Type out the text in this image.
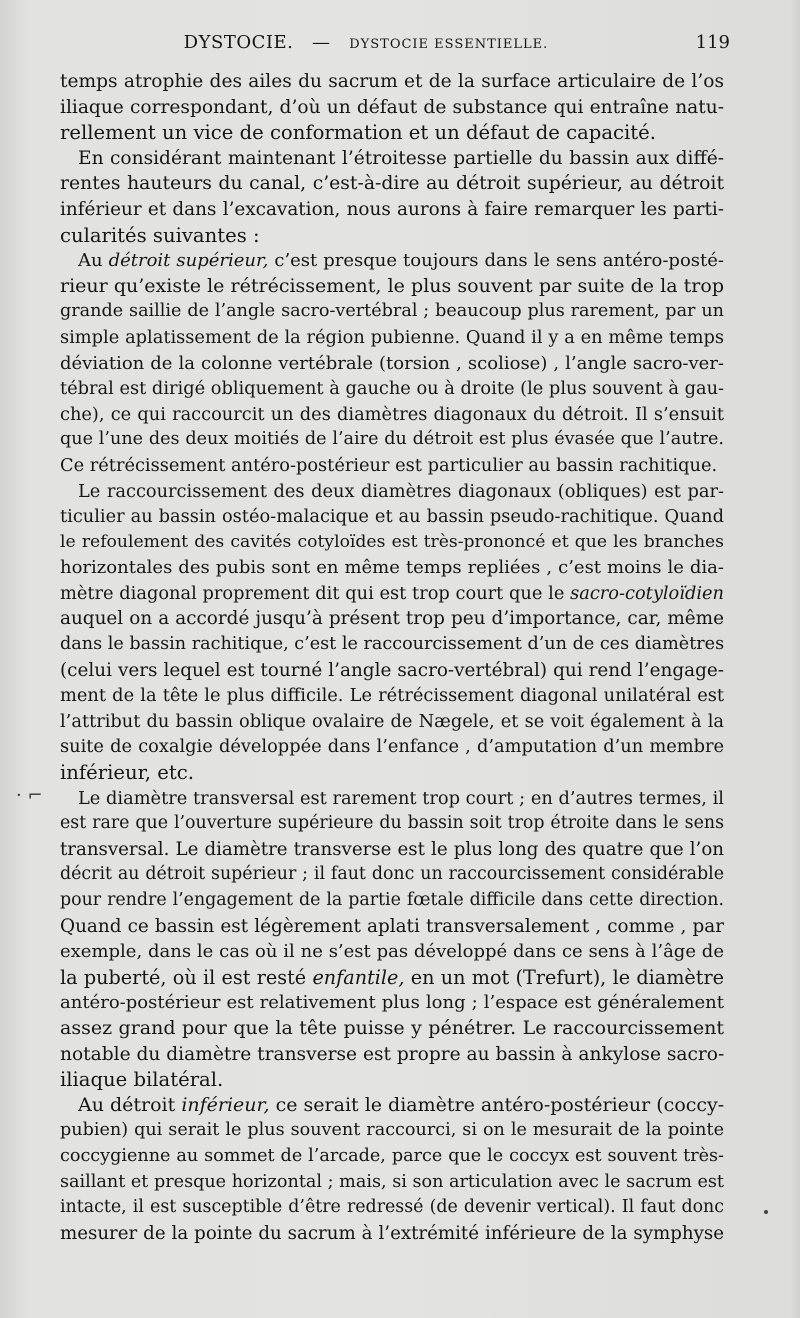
DYSTOCIE. — DYSTOCIE ESSENTIELLE.	119
· ⌐

temps atrophie des ailes du sacrum et de la surface articulaire de l’os
iliaque correspondant, d’où un défaut de substance qui entraîne natu-
rellement un vice de conformation et un défaut de capacité.

En considérant maintenant l’étroitesse partielle du bassin aux diffé-
rentes hauteurs du canal, c’est-à-dire au détroit supérieur, au détroit
inférieur et dans l’excavation, nous aurons à faire remarquer les parti-
cularités suivantes :

Au détroit supérieur, c’est presque toujours dans le sens antéro-posté-
rieur qu’existe le rétrécissement, le plus souvent par suite de la trop
grande saillie de l’angle sacro-vertébral ; beaucoup plus rarement, par un
simple aplatissement de la région pubienne. Quand il y a en même temps
déviation de la colonne vertébrale (torsion , scoliose) , l’angle sacro-ver-
tébral est dirigé obliquement à gauche ou à droite (le plus souvent à gau-
che), ce qui raccourcit un des diamètres diagonaux du détroit. Il s’ensuit
que l’une des deux moitiés de l’aire du détroit est plus évasée que l’autre.
Ce rétrécissement antéro-postérieur est particulier au bassin rachitique.

Le raccourcissement des deux diamètres diagonaux (obliques) est par-
ticulier au bassin ostéo-malacique et au bassin pseudo-rachitique. Quand
le refoulement des cavités cotyloïdes est très-prononcé et que les branches
horizontales des pubis sont en même temps repliées , c’est moins le dia-
mètre diagonal proprement dit qui est trop court que le sacro-cotyloïdien
auquel on a accordé jusqu’à présent trop peu d’importance, car, même
dans le bassin rachitique, c’est le raccourcissement d’un de ces diamètres
(celui vers lequel est tourné l’angle sacro-vertébral) qui rend l’engage-
ment de la tête le plus difficile. Le rétrécissement diagonal unilatéral est
l’attribut du bassin oblique ovalaire de Nægele, et se voit également à la
suite de coxalgie développée dans l’enfance , d’amputation d’un membre
inférieur, etc.

Le diamètre transversal est rarement trop court ; en d’autres termes, il
est rare que l’ouverture supérieure du bassin soit trop étroite dans le sens
transversal. Le diamètre transverse est le plus long des quatre que l’on
décrit au détroit supérieur ; il faut donc un raccourcissement considérable
pour rendre l’engagement de la partie fœtale difficile dans cette direction.
Quand ce bassin est légèrement aplati transversalement , comme , par
exemple, dans le cas où il ne s’est pas développé dans ce sens à l’âge de
la puberté, où il est resté enfantile, en un mot (Trefurt), le diamètre
antéro-postérieur est relativement plus long ; l’espace est généralement
assez grand pour que la tête puisse y pénétrer. Le raccourcissement
notable du diamètre transverse est propre au bassin à ankylose sacro-
iliaque bilatéral.

Au détroit inférieur, ce serait le diamètre antéro-postérieur (coccy-
pubien) qui serait le plus souvent raccourci, si on le mesurait de la pointe
coccygienne au sommet de l’arcade, parce que le coccyx est souvent très-
saillant et presque horizontal ; mais, si son articulation avec le sacrum est
intacte, il est susceptible d’être redressé (de devenir vertical). Il faut donc
mesurer de la pointe du sacrum à l’extrémité inférieure de la symphyse
